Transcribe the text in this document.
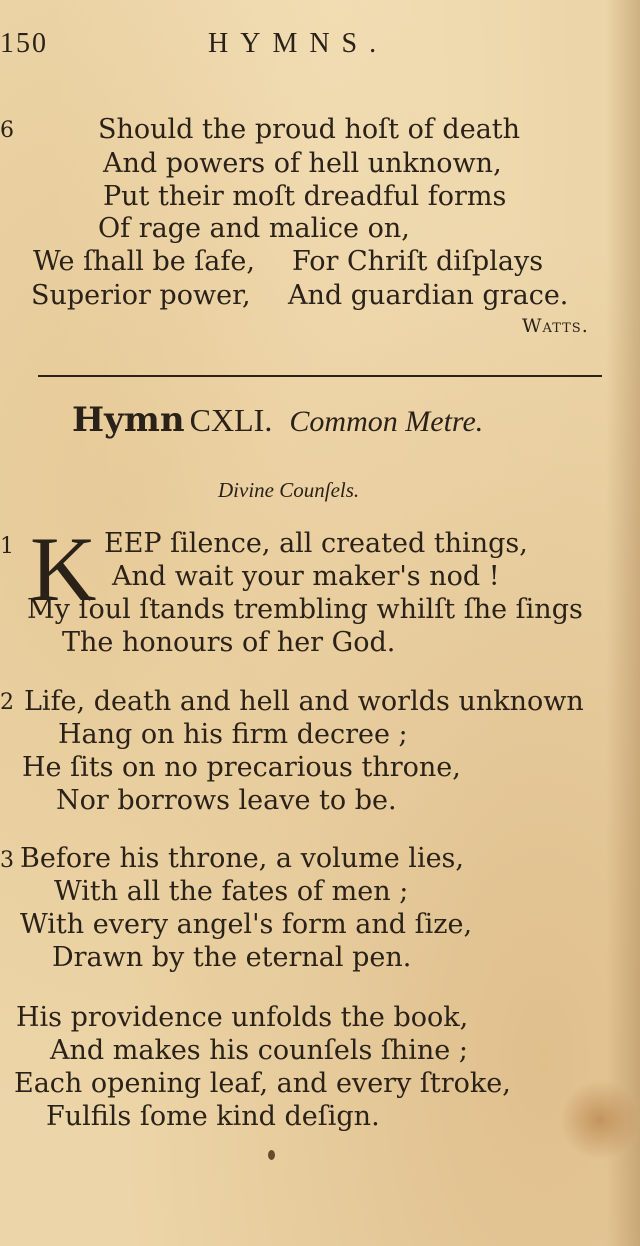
150	HYMNS.
6	Should the proud hoſt of death
And powers of hell unknown,
Put their moſt dreadful forms
Of rage and malice on,
We ſhall be ſafe, For Chriſt diſplays
Superior power, And guardian grace.
Watts.
Hymn CXLI. Common Metre.
Divine Counſels.
1 K EEP ſilence, all created things,
And wait your maker's nod !
My ſoul ſtands trembling whilſt ſhe ſings
The honours of her God.
2 Life, death and hell and worlds unknown
Hang on his firm decree ;
He ſits on no precarious throne,
Nor borrows leave to be.
3 Before his throne, a volume lies,
With all the fates of men ;
With every angel's form and ſize,
Drawn by the eternal pen.
His providence unfolds the book,
And makes his counſels ſhine ;
Each opening leaf, and every ſtroke,
Fulfils ſome kind deſign.
